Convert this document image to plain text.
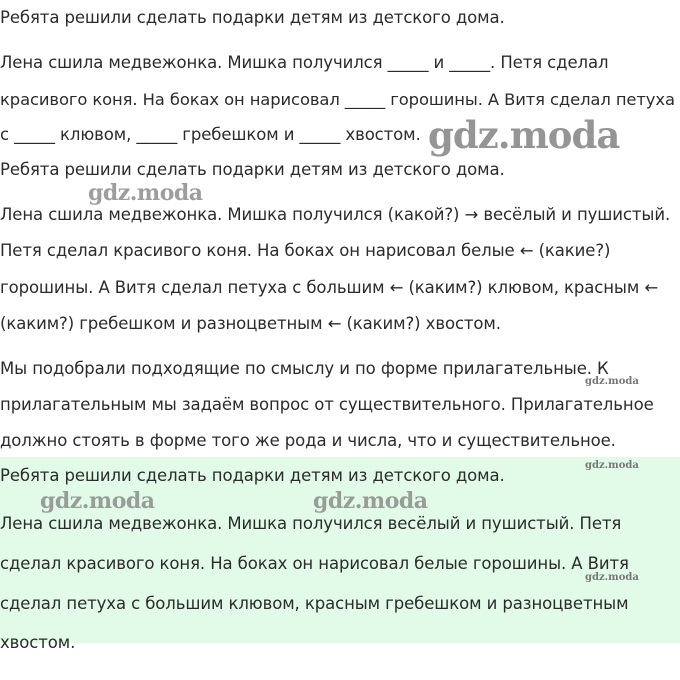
Ребята решили сделать подарки детям из детского дома.
Лена сшила медвежонка. Мишка получился _____ и _____. Петя сделал
красивого коня. На боках он нарисовал _____ горошины. А Витя сделал петуха
с _____ клювом, _____ гребешком и _____ хвостом.
Ребята решили сделать подарки детям из детского дома.
Лена сшила медвежонка. Мишка получился (какой?) → весёлый и пушистый.
Петя сделал красивого коня. На боках он нарисовал белые ← (какие?)
горошины. А Витя сделал петуха с большим ← (каким?) клювом, красным ←
(каким?) гребешком и разноцветным ← (каким?) хвостом.
Мы подобрали подходящие по смыслу и по форме прилагательные. К
прилагательным мы задаём вопрос от существительного. Прилагательное
должно стоять в форме того же рода и числа, что и существительное.
Ребята решили сделать подарки детям из детского дома.
Лена сшила медвежонка. Мишка получился весёлый и пушистый. Петя
сделал красивого коня. На боках он нарисовал белые горошины. А Витя
сделал петуха с большим клювом, красным гребешком и разноцветным
хвостом.
gdz.moda
gdz.moda
gdz.moda
gdz.moda
gdz.moda	gdz.moda
gdz.moda
